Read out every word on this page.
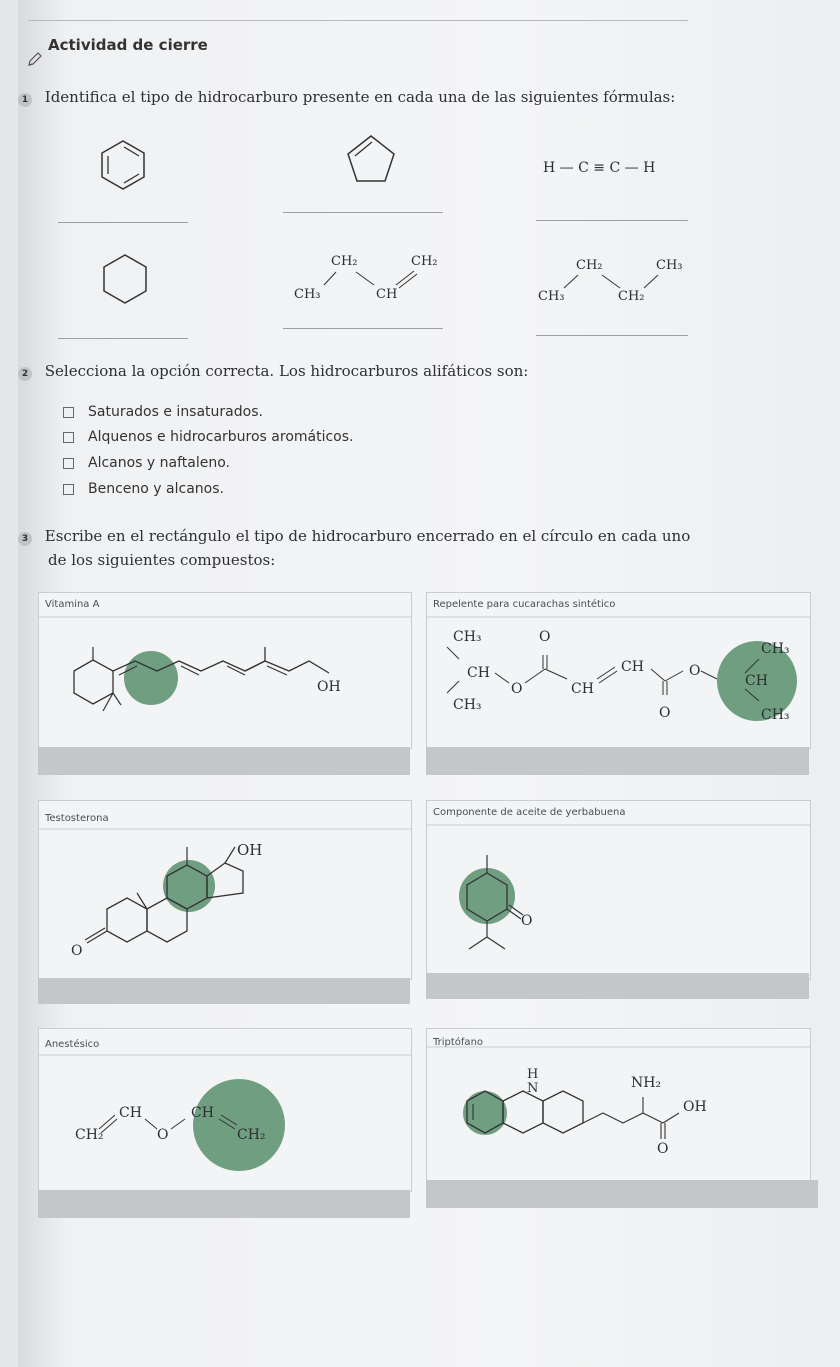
Actividad de cierre
1 Identifica el tipo de hidrocarburo presente en cada una de las siguientes fórmulas:
H — C ≡ C — H
CH₂	CH₂
CH₃	CH
CH₂	CH₃
CH₃	CH₂
2 Selecciona la opción correcta. Los hidrocarburos alifáticos son:
Saturados e insaturados.
Alquenos e hidrocarburos aromáticos.
Alcanos y naftaleno.
Benceno y alcanos.
3 Escribe en el rectángulo el tipo de hidrocarburo encerrado en el círculo en cada uno
de los siguientes compuestos:
Vitamina A
OH
Repelente para cucarachas sintético
CH₃
CH
CH₃
O
O	CH
CH	O
O
CH₃
CH
CH₃
Testosterona
OH
O
Componente de aceite de yerbabuena
O
Anestésico
CH₂
CH
O
CH
CH₂
Triptófano
H
N	NH₂
OH
O
